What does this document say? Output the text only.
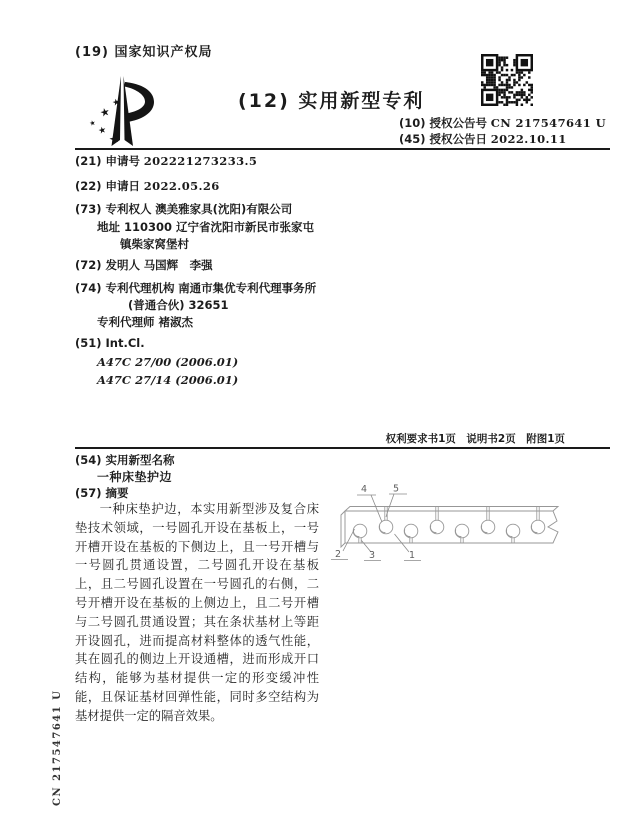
(19) 国家知识产权局
★
★
★
★ ★
(12) 实用新型专利
(10) 授权公告号 CN 217547641 U
(45) 授权公告日 2022.10.11
(21) 申请号 202221273233.5
(22) 申请日 2022.05.26
(73) 专利权人 澳美雅家具(沈阳)有限公司
地址 110300 辽宁省沈阳市新民市张家屯
镇柴家窝堡村
(72) 发明人 马国辉　李强
(74) 专利代理机构 南通市集优专利代理事务所
(普通合伙) 32651
专利代理师 褚淑杰
(51) Int.Cl.
A47C 27/00 (2006.01)
A47C 27/14 (2006.01)
权利要求书1页　说明书2页　附图1页
(54) 实用新型名称
一种床垫护边
(57) 摘要

一种床垫护边，本实用新型涉及复合床垫技术领域，一号圆孔开设在基板上，一号开槽开设在基板的下侧边上，且一号开槽与一号圆孔贯通设置，二号圆孔开设在基板上，且二号圆孔设置在一号圆孔的右侧，二号开槽开设在基板的上侧边上，且二号开槽与二号圆孔贯通设置；其在条状基材上等距开设圆孔，进而提高材料整体的透气性能，其在圆孔的侧边上开设通槽，进而形成开口结构，能够为基材提供一定的形变缓冲性能，且保证基材回弹性能，同时多空结构为基材提供一定的隔音效果。

4	5
2	3	1
CN 217547641 U
